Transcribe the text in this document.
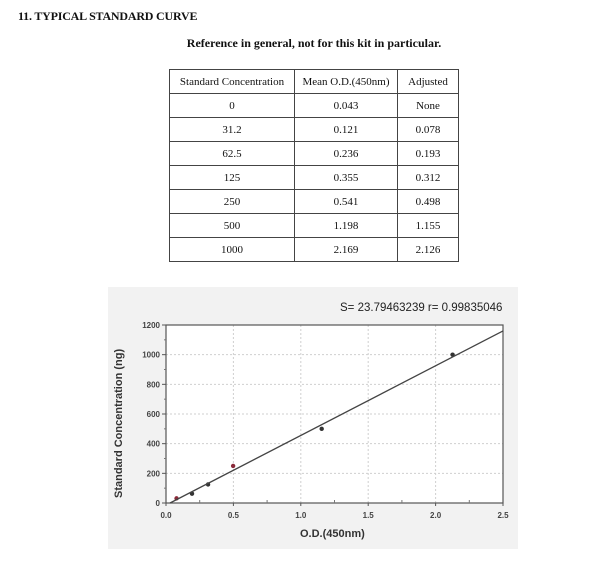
11. TYPICAL STANDARD CURVE
Reference in general, not for this kit in particular.
Standard Concentration	Mean O.D.(450nm)	Adjusted
0	0.043	None
31.2	0.121	0.078
62.5	0.236	0.193
125	0.355	0.312
250	0.541	0.498
500	1.198	1.155
1000	2.169	2.126
S= 23.79463239 r= 0.99835046
0.0	0.5	1.0	1.5	2.0	2.5
0
200
400
600
800
1000
1200
Standard Concentration (ng)
O.D.(450nm)
